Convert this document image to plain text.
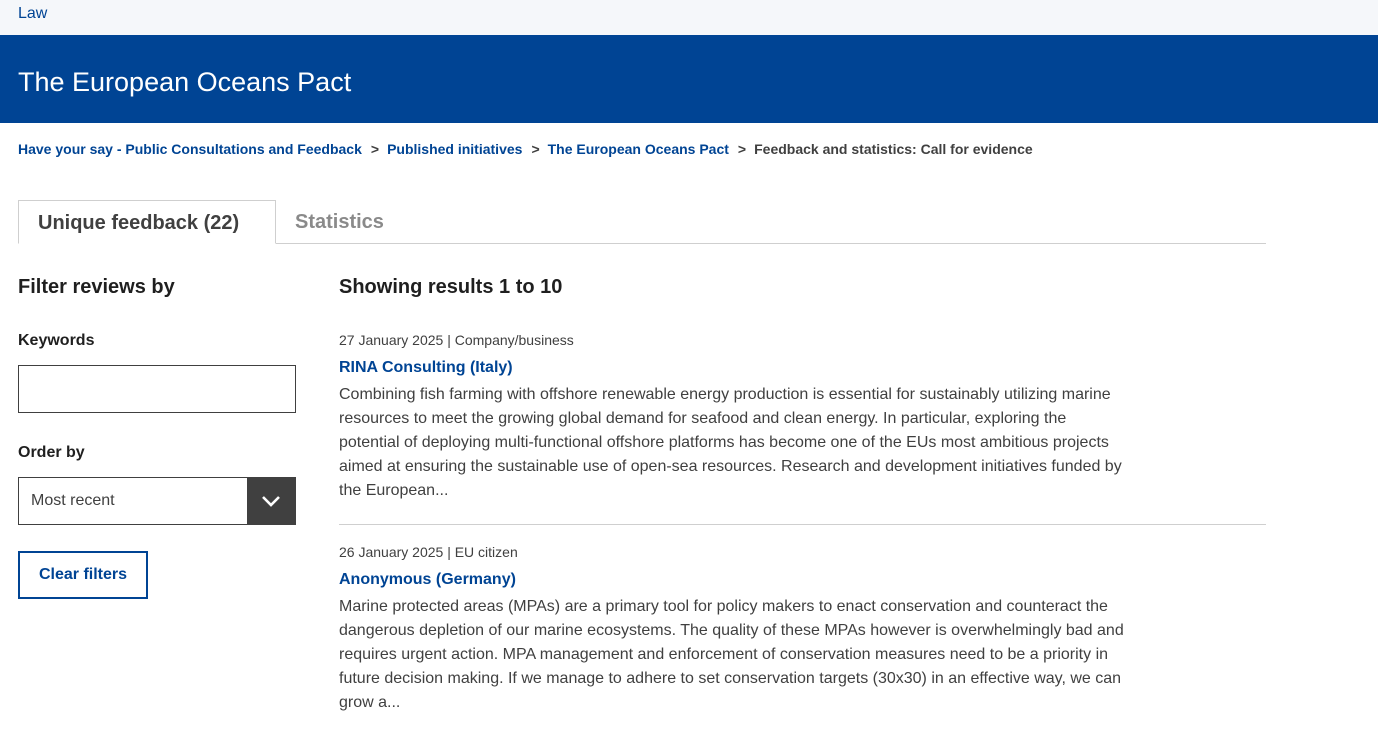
Law
The European Oceans Pact
Have your say - Public Consultations and Feedback > Published initiatives > The European Oceans Pact > Feedback and statistics: Call for evidence
Unique feedback (22)	Statistics
Filter reviews by
Keywords
Order by
Most recent
Clear filters
Showing results 1 to 10
27 January 2025 | Company/business
RINA Consulting (Italy)
Combining fish farming with offshore renewable energy production is essential for sustainably utilizing marine resources to meet the growing global demand for seafood and clean energy. In particular, exploring the potential of deploying multi-functional offshore platforms has become one of the EUs most ambitious projects aimed at ensuring the sustainable use of open-sea resources. Research and development initiatives funded by the European...
26 January 2025 | EU citizen
Anonymous (Germany)
Marine protected areas (MPAs) are a primary tool for policy makers to enact conservation and counteract the dangerous depletion of our marine ecosystems. The quality of these MPAs however is overwhelmingly bad and requires urgent action. MPA management and enforcement of conservation measures need to be a priority in future decision making. If we manage to adhere to set conservation targets (30x30) in an effective way, we can grow a...
